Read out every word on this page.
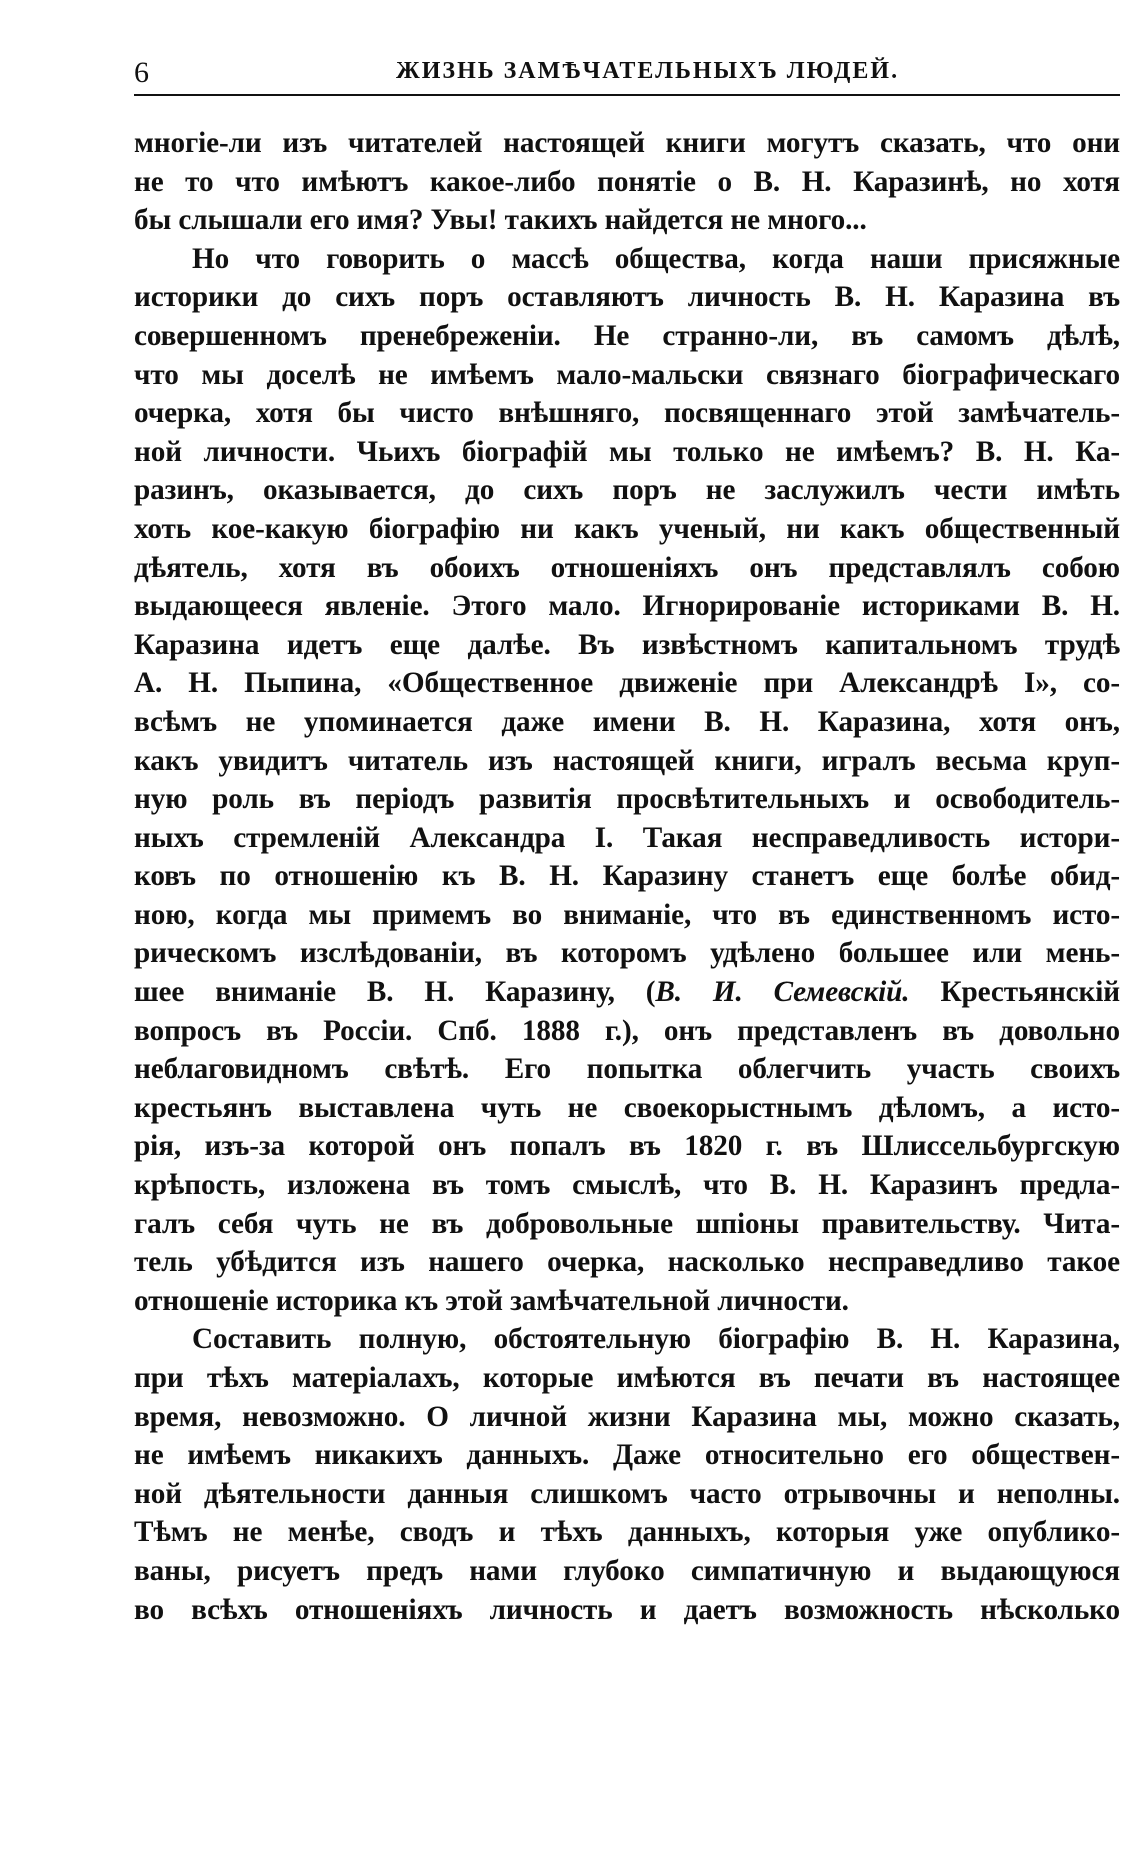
6	ЖИЗНЬ ЗАМѢЧАТЕЛЬНЫХЪ ЛЮДЕЙ.
многіе-ли изъ читателей настоящей книги могутъ сказать, что они
не то что имѣютъ какое-либо понятіе о В. Н. Каразинѣ, но хотя
бы слышали его имя? Увы! такихъ найдется не много...
Но что говорить о массѣ общества, когда наши присяжные
историки до сихъ поръ оставляютъ личность В. Н. Каразина въ
совершенномъ пренебреженіи. Не странно-ли, въ самомъ дѣлѣ,
что мы доселѣ не имѣемъ мало-мальски связнаго біографическаго
очерка, хотя бы чисто внѣшняго, посвященнаго этой замѣчатель-
ной личности. Чьихъ біографій мы только не имѣемъ? В. Н. Ка-
разинъ, оказывается, до сихъ поръ не заслужилъ чести имѣть
хоть кое-какую біографію ни какъ ученый, ни какъ общественный
дѣятель, хотя въ обоихъ отношеніяхъ онъ представлялъ собою
выдающееся явленіе. Этого мало. Игнорированіе историками В. Н.
Каразина идетъ еще далѣе. Въ извѣстномъ капитальномъ трудѣ
А. Н. Пыпина, «Общественное движеніе при Александрѣ I», со-
всѣмъ не упоминается даже имени В. Н. Каразина, хотя онъ,
какъ увидитъ читатель изъ настоящей книги, игралъ весьма круп-
ную роль въ періодъ развитія просвѣтительныхъ и освободитель-
ныхъ стремленій Александра I. Такая несправедливость истори-
ковъ по отношенію къ В. Н. Каразину станетъ еще болѣе обид-
ною, когда мы примемъ во вниманіе, что въ единственномъ исто-
рическомъ изслѣдованіи, въ которомъ удѣлено большее или мень-
шее вниманіе В. Н. Каразину, (В. И. Семевскій. Крестьянскій
вопросъ въ Россіи. Спб. 1888 г.), онъ представленъ въ довольно
неблаговидномъ свѣтѣ. Его попытка облегчить участь своихъ
крестьянъ выставлена чуть не своекорыстнымъ дѣломъ, а исто-
рія, изъ-за которой онъ попалъ въ 1820 г. въ Шлиссельбургскую
крѣпость, изложена въ томъ смыслѣ, что В. Н. Каразинъ предла-
галъ себя чуть не въ добровольные шпіоны правительству. Чита-
тель убѣдится изъ нашего очерка, насколько несправедливо такое
отношеніе историка къ этой замѣчательной личности.
Составить полную, обстоятельную біографію В. Н. Каразина,
при тѣхъ матеріалахъ, которые имѣются въ печати въ настоящее
время, невозможно. О личной жизни Каразина мы, можно сказать,
не имѣемъ никакихъ данныхъ. Даже относительно его обществен-
ной дѣятельности данныя слишкомъ часто отрывочны и неполны.
Тѣмъ не менѣе, сводъ и тѣхъ данныхъ, которыя уже опублико-
ваны, рисуетъ предъ нами глубоко симпатичную и выдающуюся
во всѣхъ отношеніяхъ личность и даетъ возможность нѣсколько
